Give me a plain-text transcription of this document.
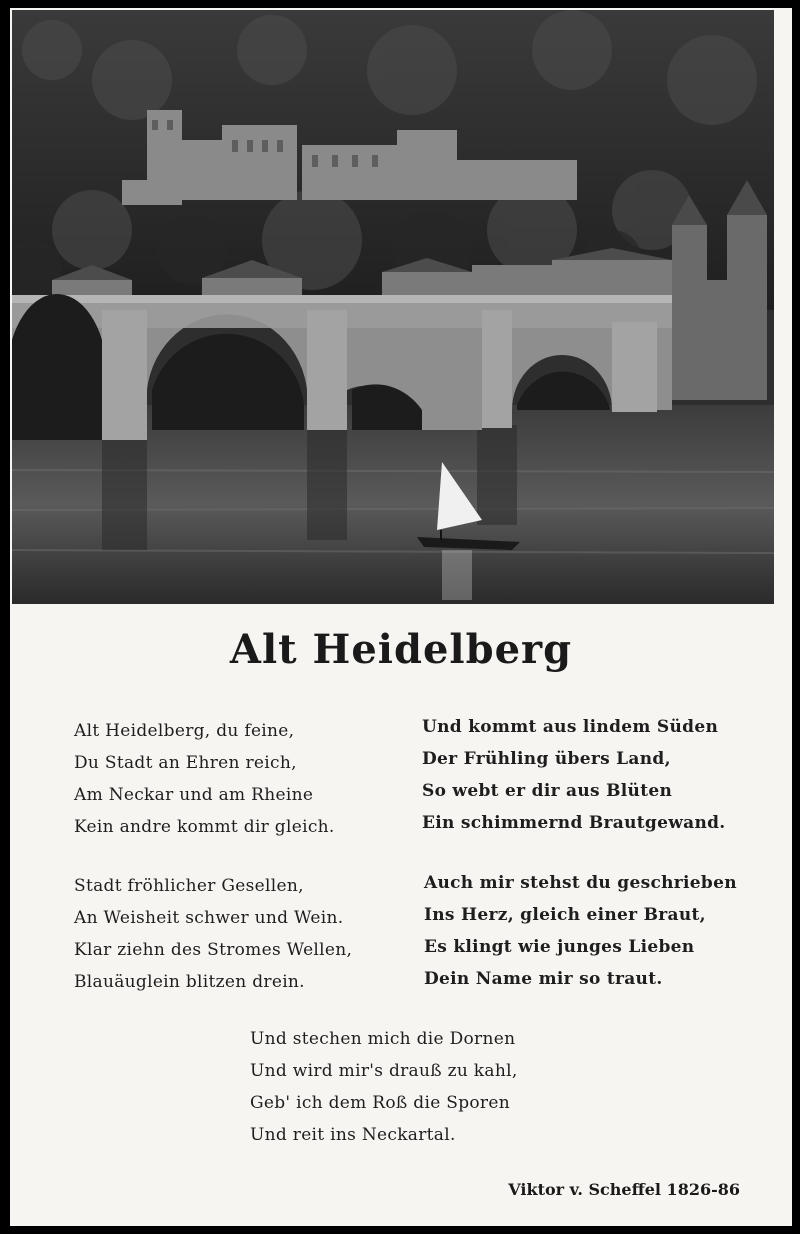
Alt Heidelberg
Alt Heidelberg, du feine,
Du Stadt an Ehren reich,
Am Neckar und am Rheine
Kein andre kommt dir gleich.
Und kommt aus lindem Süden
Der Frühling übers Land,
So webt er dir aus Blüten
Ein schimmernd Brautgewand.
Stadt fröhlicher Gesellen,
An Weisheit schwer und Wein.
Klar ziehn des Stromes Wellen,
Blauäuglein blitzen drein.
Auch mir stehst du geschrieben
Ins Herz, gleich einer Braut,
Es klingt wie junges Lieben
Dein Name mir so traut.
Und stechen mich die Dornen
Und wird mir's drauß zu kahl,
Geb' ich dem Roß die Sporen
Und reit ins Neckartal.
Viktor v. Scheffel 1826-86
